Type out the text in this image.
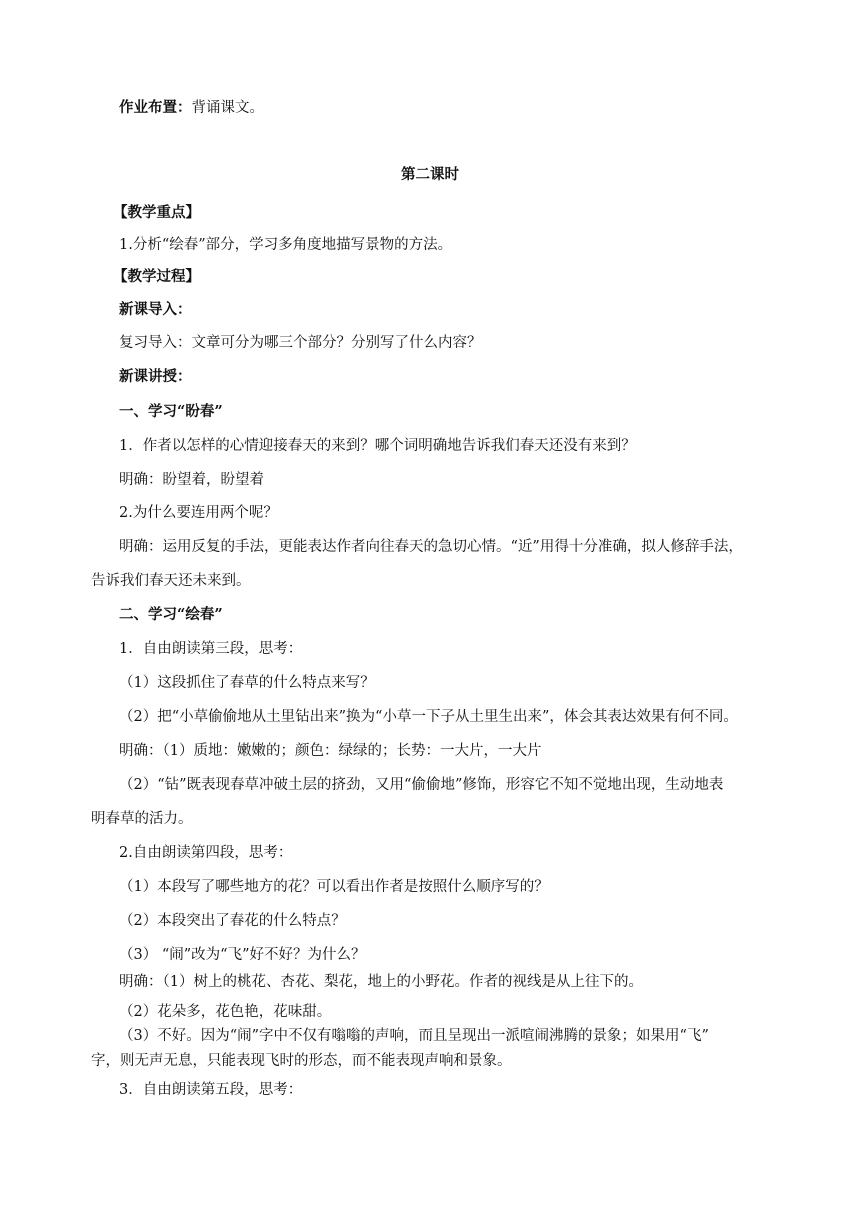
作业布置：背诵课文。
第二课时
【教学重点】
1.分析“绘春”部分，学习多角度地描写景物的方法。
【教学过程】
新课导入：
复习导入：文章可分为哪三个部分？分别写了什么内容？
新课讲授：
一、学习“盼春”
1．作者以怎样的心情迎接春天的来到？哪个词明确地告诉我们春天还没有来到？
明确：盼望着，盼望着
2.为什么要连用两个呢？
明确：运用反复的手法，更能表达作者向往春天的急切心情。“近”用得十分准确，拟人修辞手法，
告诉我们春天还未来到。
二、学习“绘春”
1．自由朗读第三段，思考：
（1）这段抓住了春草的什么特点来写？
（2）把“小草偷偷地从土里钻出来”换为“小草一下子从土里生出来”，体会其表达效果有何不同。
明确：（1）质地：嫩嫩的；颜色：绿绿的；长势：一大片，一大片
（2）“钻”既表现春草冲破土层的挤劲，又用“偷偷地”修饰，形容它不知不觉地出现，生动地表
明春草的活力。
2.自由朗读第四段，思考：
（1）本段写了哪些地方的花？可以看出作者是按照什么顺序写的？
（2）本段突出了春花的什么特点？
（3） “闹”改为“飞”好不好？为什么？
明确：（1）树上的桃花、杏花、梨花，地上的小野花。作者的视线是从上往下的。
（2）花朵多，花色艳，花味甜。
（3）不好。因为“闹”字中不仅有嗡嗡的声响，而且呈现出一派喧闹沸腾的景象；如果用“飞”
字，则无声无息，只能表现飞时的形态，而不能表现声响和景象。
3．自由朗读第五段，思考：
